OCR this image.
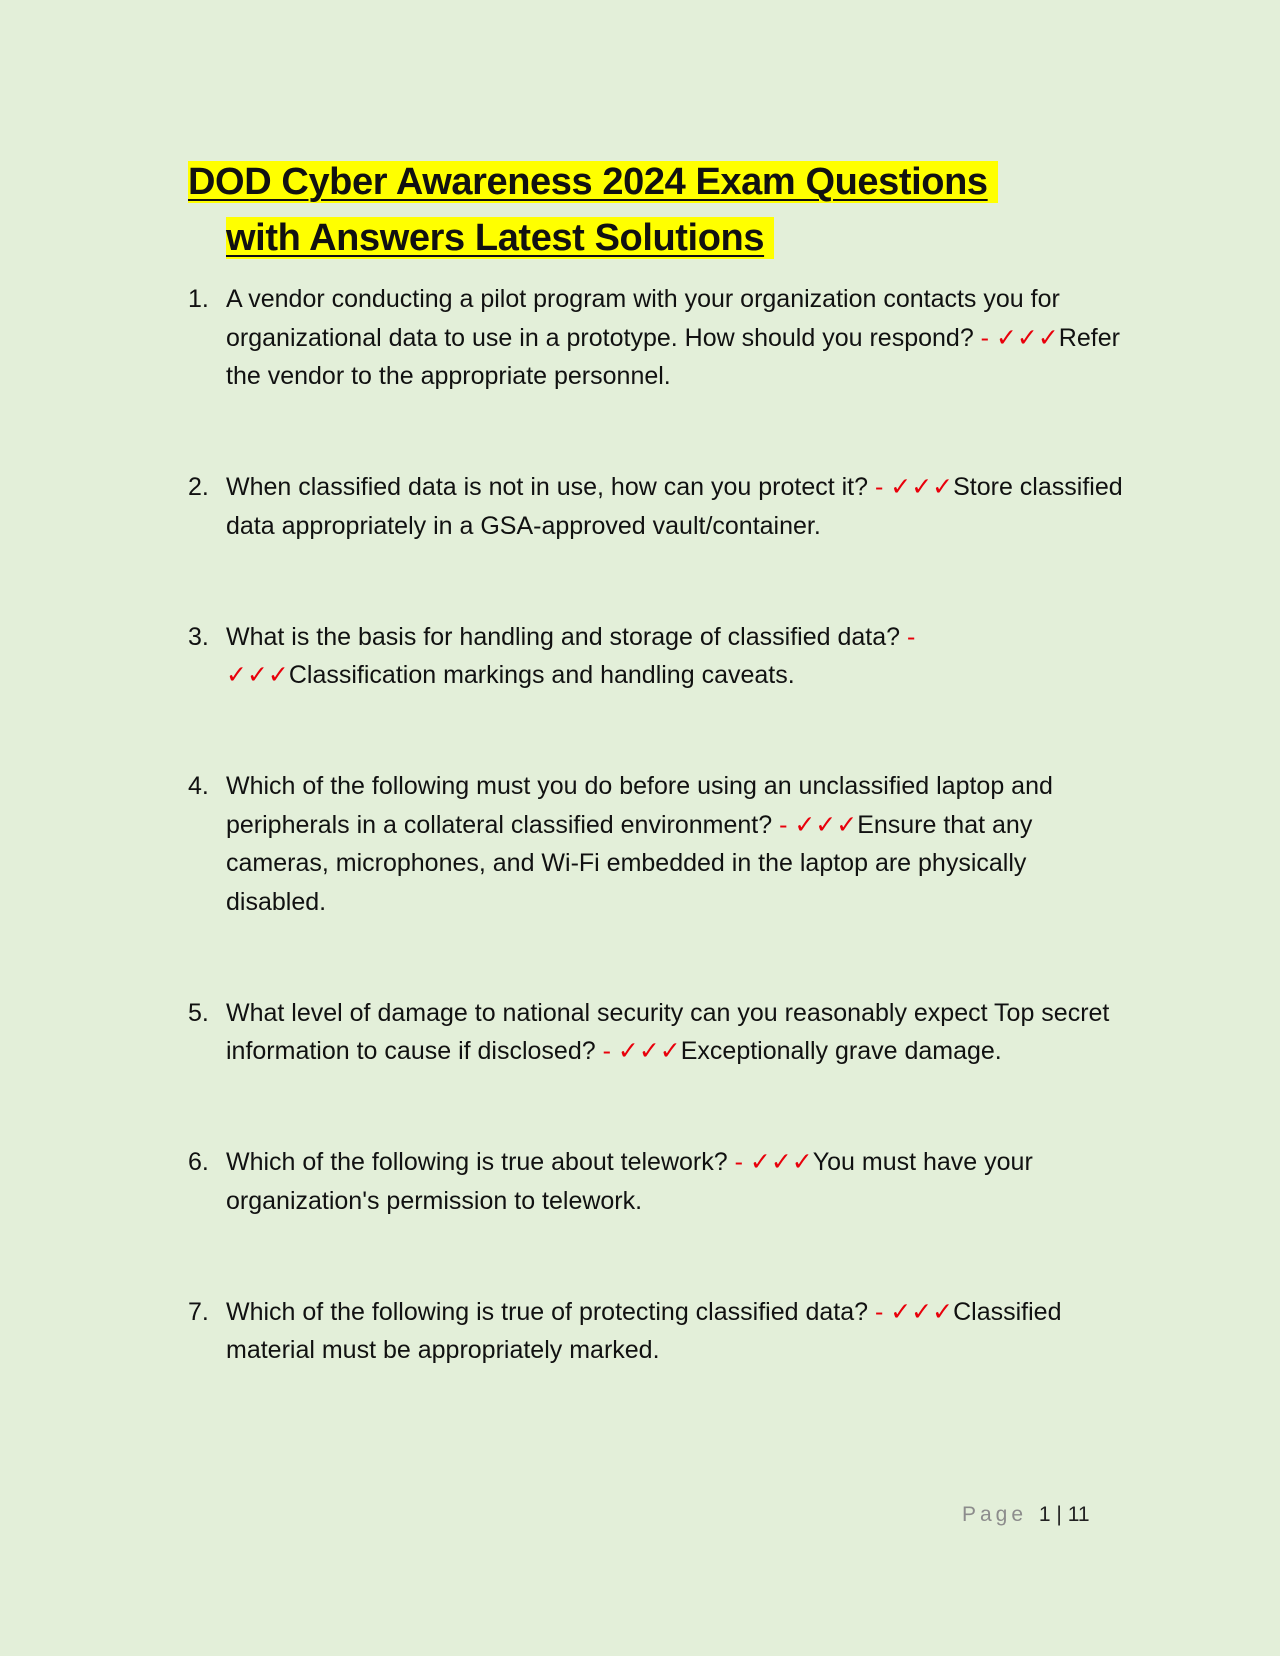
DOD Cyber Awareness 2024 Exam Questions
with Answers Latest Solutions
1. A vendor conducting a pilot program with your organization contacts you for organizational data to use in a prototype. How should you respond? - ✓✓✓Refer the vendor to the appropriate personnel.
2. When classified data is not in use, how can you protect it? - ✓✓✓Store classified data appropriately in a GSA-approved vault/container.
3. What is the basis for handling and storage of classified data? - ✓✓✓Classification markings and handling caveats.
4. Which of the following must you do before using an unclassified laptop and peripherals in a collateral classified environment? - ✓✓✓Ensure that any cameras, microphones, and Wi-Fi embedded in the laptop are physically disabled.
5. What level of damage to national security can you reasonably expect Top secret information to cause if disclosed? - ✓✓✓Exceptionally grave damage.
6. Which of the following is true about telework? - ✓✓✓You must have your organization's permission to telework.
7. Which of the following is true of protecting classified data? - ✓✓✓Classified material must be appropriately marked.
Page 1 | 11
